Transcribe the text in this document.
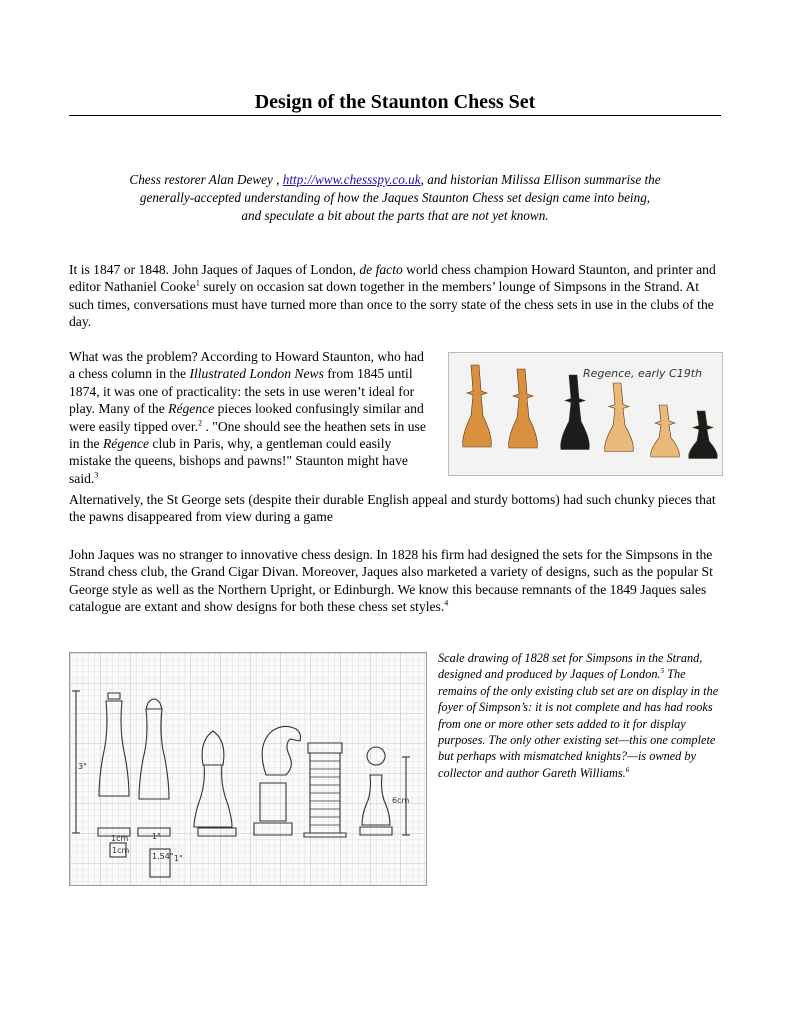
Design of the Staunton Chess Set
Chess restorer Alan Dewey , http://www.chessspy.co.uk, and historian Milissa Ellison summarise the
generally-accepted understanding of how the Jaques Staunton Chess set design came into being,
and speculate a bit about the parts that are not yet known.

It is 1847 or 1848. John Jaques of Jaques of London, de facto world chess champion Howard Staunton, and printer and editor Nathaniel Cooke$^1$ surely on occasion sat down together in the members’ lounge of Simpsons in the Strand. At such times, conversations must have turned more than once to the sorry state of the chess sets in use in the clubs of the day.

What was the problem? According to Howard Staunton, who had a chess column in the Illustrated London News from 1845 until 1874, it was one of practicality: the sets in use weren’t ideal for play. Many of the Régence pieces looked confusingly similar and were easily tipped over.$^2$ . "One should see the heathen sets in use in the Régence club in Paris, why, a gentleman could easily mistake the queens, bishops and pawns!" Staunton might have said.$^3$

Alternatively, the St George sets (despite their durable English appeal and sturdy bottoms) had such chunky pieces that the pawns disappeared from view during a game

Regence, early C19th

John Jaques was no stranger to innovative chess design. In 1828 his firm had designed the sets for the Simpsons in the Strand chess club, the Grand Cigar Divan. Moreover, Jaques also marketed a variety of designs, such as the popular St George style as well as the Northern Upright, or Edinburgh. We know this because remnants of the 1849 Jaques sales catalogue are extant and show designs for both these chess set styles.$^4$

3"
6cm
1cm	1"
1cm
1.54" 1"
Scale drawing of 1828 set for Simpsons in the Strand, designed and produced by Jaques of London.$^5$ The remains of the only existing club set are on display in the foyer of Simpson’s: it is not complete and has had rooks from one or more other sets added to it for display purposes. The only other existing set—this one complete but perhaps with mismatched knights?—is owned by collector and author Gareth Williams.$^6$
